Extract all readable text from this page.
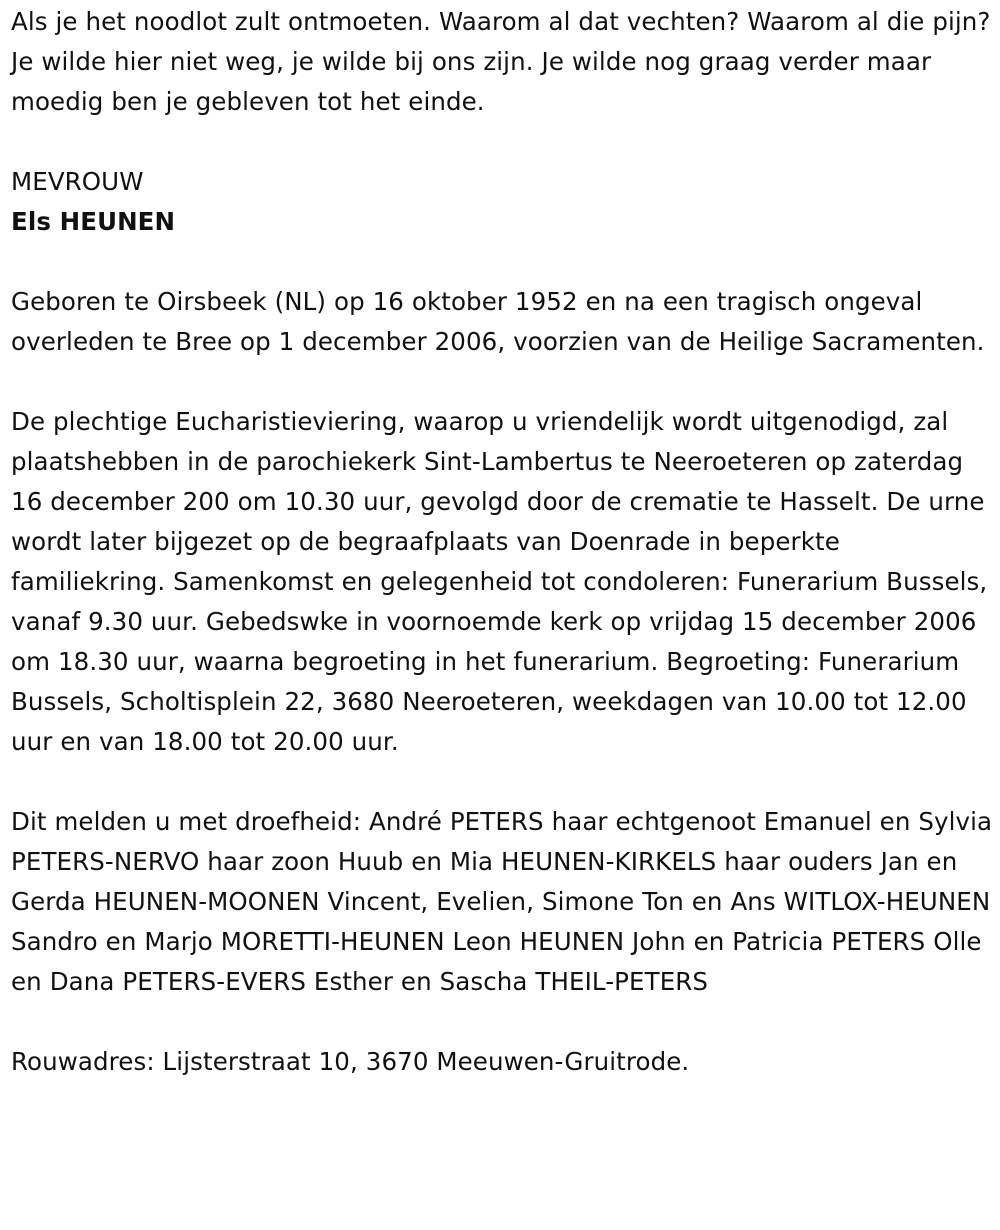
Als je het noodlot zult ontmoeten. Waarom al dat vechten? Waarom al die pijn? Je wilde hier niet weg, je wilde bij ons zijn. Je wilde nog graag verder maar moedig ben je gebleven tot het einde.

MEVROUW

Els HEUNEN

Geboren te Oirsbeek (NL) op 16 oktober 1952 en na een tragisch ongeval overleden te Bree op 1 december 2006, voorzien van de Heilige Sacramenten.

De plechtige Eucharistieviering, waarop u vriendelijk wordt uitgenodigd, zal plaatshebben in de parochiekerk Sint-Lambertus te Neeroeteren op zaterdag 16 december 200 om 10.30 uur, gevolgd door de crematie te Hasselt. De urne wordt later bijgezet op de begraafplaats van Doenrade in beperkte familiekring. Samenkomst en gelegenheid tot condoleren: Funerarium Bussels, vanaf 9.30 uur. Gebedswke in voornoemde kerk op vrijdag 15 december 2006 om 18.30 uur, waarna begroeting in het funerarium. Begroeting: Funerarium Bussels, Scholtisplein 22, 3680 Neeroeteren, weekdagen van 10.00 tot 12.00 uur en van 18.00 tot 20.00 uur.

Dit melden u met droefheid: André PETERS haar echtgenoot Emanuel en Sylvia PETERS-NERVO haar zoon Huub en Mia HEUNEN-KIRKELS haar ouders Jan en Gerda HEUNEN-MOONEN Vincent, Evelien, Simone Ton en Ans WITLOX-HEUNEN Sandro en Marjo MORETTI-HEUNEN Leon HEUNEN John en Patricia PETERS Olle en Dana PETERS-EVERS Esther en Sascha THEIL-PETERS

Rouwadres: Lijsterstraat 10, 3670 Meeuwen-Gruitrode.
